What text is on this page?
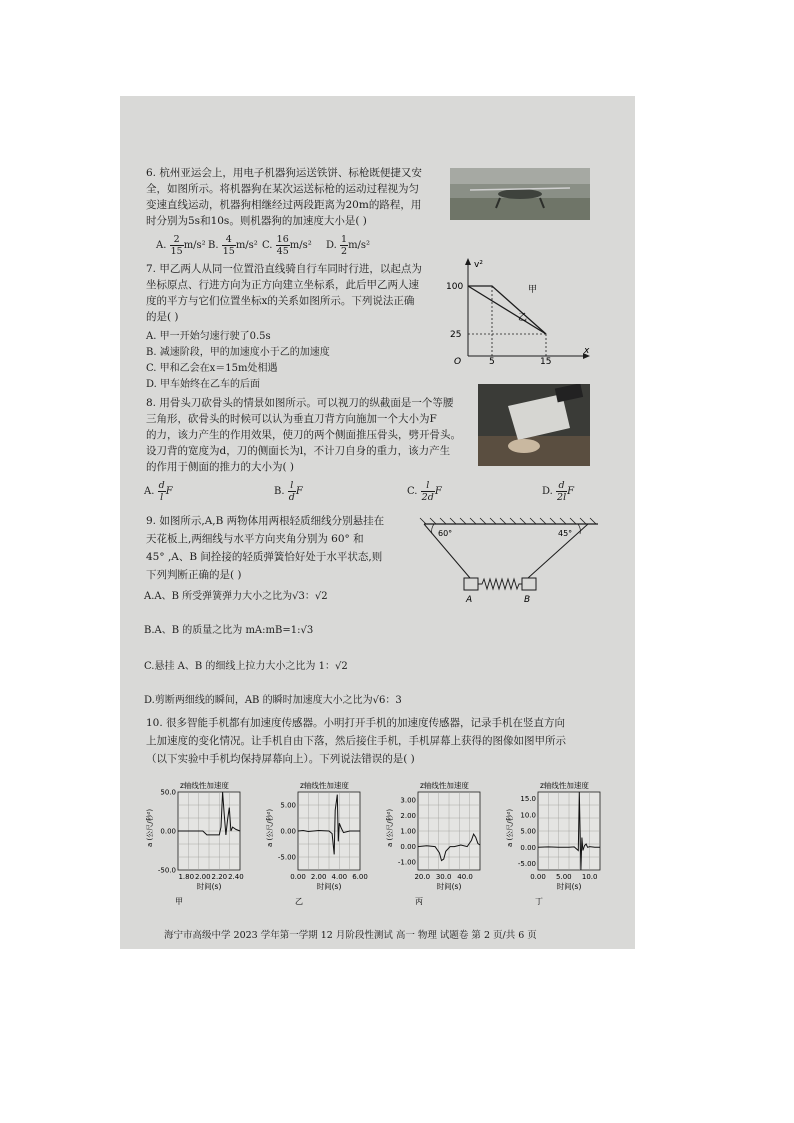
6. 杭州亚运会上，用电子机器狗运送铁饼、标枪既便捷又安
全，如图所示。将机器狗在某次运送标枪的运动过程视为匀
变速直线运动，机器狗相继经过两段距离为20m的路程，用
时分别为5s和10s。则机器狗的加速度大小是( )
A. $\frac{2}{15} m/s^2$ B. $\frac{4}{15} m/s^2$ C. $\frac{16}{45} m/s^2$ D. $\frac{1}{2} m/s^2$
7. 甲乙两人从同一位置沿直线骑自行车同时行进，以起点为
坐标原点、行进方向为正方向建立坐标系，此后甲乙两人速
度的平方与它们位置坐标x的关系如图所示。下列说法正确
的是( )
A. 甲一开始匀速行驶了0.5s
B. 减速阶段，甲的加速度小于乙的加速度
C. 甲和乙会在x＝15m处相遇
D. 甲车始终在乙车的后面
v²
x
O
100
25
5	15
甲
乙
8. 用骨头刀砍骨头的情景如图所示。可以视刀的纵截面是一个等腰
三角形，砍骨头的时候可以认为垂直刀背方向施加一个大小为F
的力，该力产生的作用效果，使刀的两个侧面推压骨头，劈开骨头。
设刀背的宽度为d，刀的侧面长为l，不计刀自身的重力，该力产生
的作用于侧面的推力的大小为( )
A. $\frac{d}{l}$ F	B. $\frac{l}{d}$ F	C. $\frac{l}{2d}$ F	D. $\frac{d}{2l}$ F
9. 如图所示,A,B 两物体用两根轻质细线分别悬挂在
天花板上,两细线与水平方向夹角分别为 60° 和
45° ,A、B 间拴接的轻质弹簧恰好处于水平状态,则
下列判断正确的是( )
A.A、B 所受弹簧弹力大小之比为√3：√2
B.A、B 的质量之比为 mA:mB=1:√3
C.悬挂 A、B 的细线上拉力大小之比为 1：√2
D.剪断两细线的瞬间，AB 的瞬时加速度大小之比为√6：3
60°	45°
A	B
10. 很多智能手机都有加速度传感器。小明打开手机的加速度传感器，记录手机在竖直方向
上加速度的变化情况。让手机自由下落，然后接住手机，手机屏幕上获得的图像如图甲所示
（以下实验中手机均保持屏幕向上）。下列说法错误的是( )
z轴线性加速度
50.0
0.00
-50.0
1.80 2.00 2.20 2.40
a (公尺/秒²)
时间(s)
甲
z轴线性加速度
5.00
0.00
-5.00
0.00 2.00 4.00 6.00
a (公尺/秒²)
时间(s)
乙
z轴线性加速度
3.00
2.00
1.00
0.00
-1.00
20.0 30.0 40.0
a (公尺/秒²)
时间(s)
丙
z轴线性加速度
15.0
10.0
5.00
0.00
-5.00
0.00 5.00 10.0
a (公尺/秒²)
时间(s)
丁
海宁市高级中学 2023 学年第一学期 12 月阶段性测试 高一 物理 试题卷 第 2 页/共 6 页
